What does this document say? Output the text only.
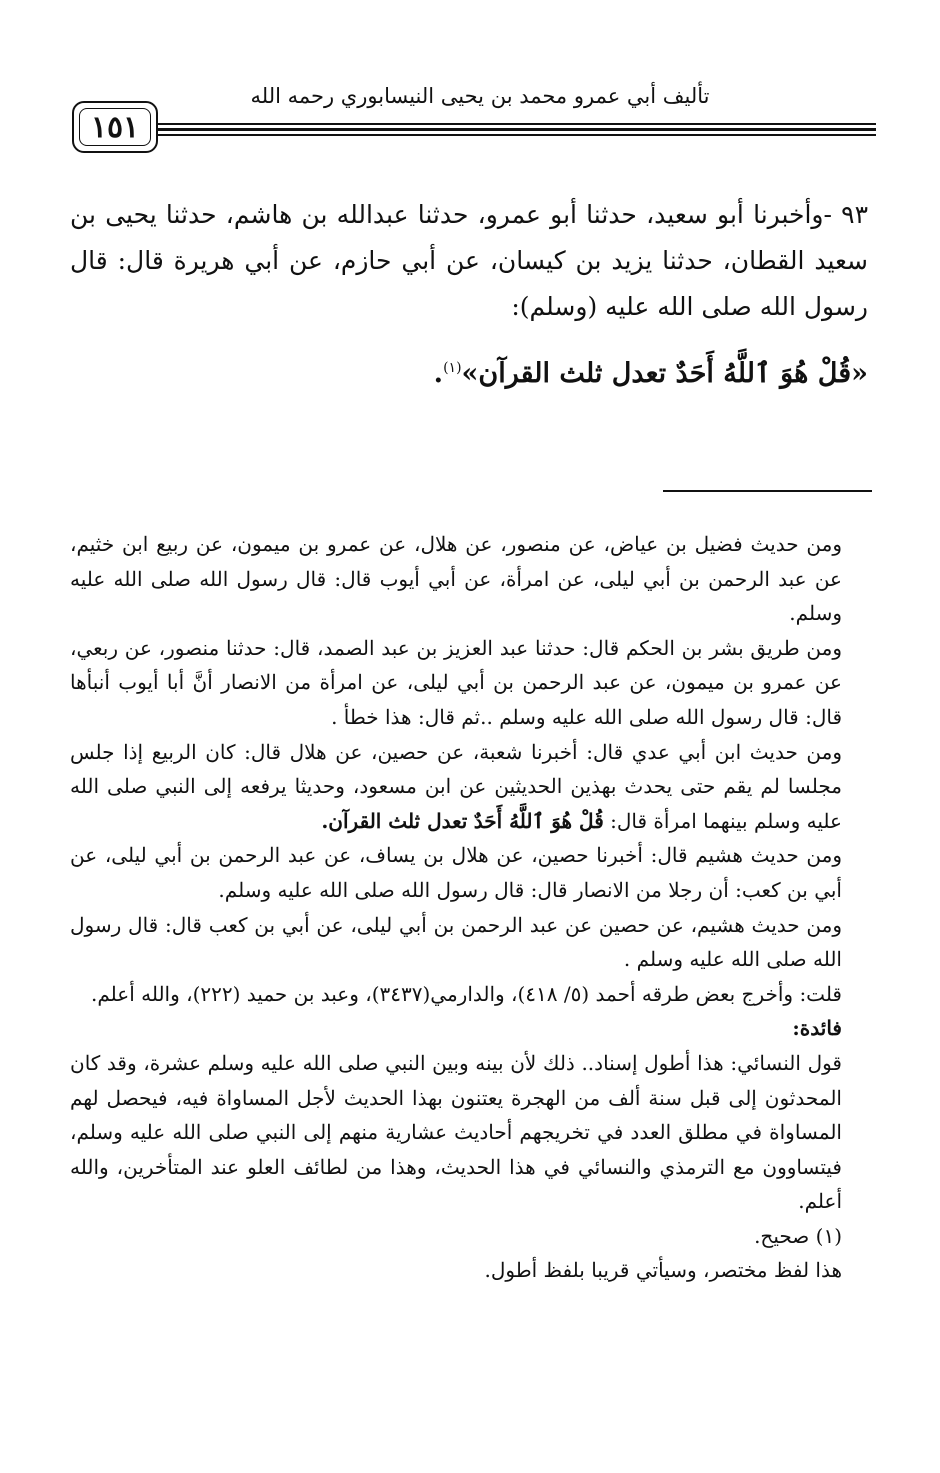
تأليف أبي عمرو محمد بن يحيى النيسابوري رحمه الله
١٥١

٩٣ -وأخبرنا أبو سعيد، حدثنا أبو عمرو، حدثنا عبدالله بن هاشم، حدثنا يحيى بن سعيد القطان، حدثنا يزيد بن كيسان، عن أبي حازم، عن أبي هريرة قال: قال رسول الله صلى الله عليه (وسلم):

«قُلْ هُوَ ٱللَّهُ أَحَدٌ تعدل ثلث القرآن»$^{(١)}$.

ومن حديث فضيل بن عياض، عن منصور، عن هلال، عن عمرو بن ميمون، عن ربيع ابن خثيم، عن عبد الرحمن بن أبي ليلى، عن امرأة، عن أبي أيوب قال: قال رسول الله صلى الله عليه وسلم.

ومن طريق بشر بن الحكم قال: حدثنا عبد العزيز بن عبد الصمد، قال: حدثنا منصور، عن ربعي، عن عمرو بن ميمون، عن عبد الرحمن بن أبي ليلى، عن امرأة من الانصار أنَّ أبا أيوب أنبأها قال: قال رسول الله صلى الله عليه وسلم ..ثم قال: هذا خطأ .

ومن حديث ابن أبي عدي قال: أخبرنا شعبة، عن حصين، عن هلال قال: كان الربيع إذا جلس مجلسا لم يقم حتى يحدث بهذين الحديثين عن ابن مسعود، وحديثا يرفعه إلى النبي صلى الله عليه وسلم بينهما امرأة قال: قُلْ هُوَ ٱللَّهُ أَحَدٌ تعدل ثلث القرآن.

ومن حديث هشيم قال: أخبرنا حصين، عن هلال بن يساف، عن عبد الرحمن بن أبي ليلى، عن أبي بن كعب: أن رجلا من الانصار قال: قال رسول الله صلى الله عليه وسلم.

ومن حديث هشيم، عن حصين عن عبد الرحمن بن أبي ليلى، عن أبي بن كعب قال: قال رسول الله صلى الله عليه وسلم .

قلت: وأخرج بعض طرقه أحمد (٥/ ٤١٨)، والدارمي(٣٤٣٧)، وعبد بن حميد (٢٢٢)، والله أعلم.

فائدة:

قول النسائي: هذا أطول إسناد.. ذلك لأن بينه وبين النبي صلى الله عليه وسلم عشرة، وقد كان المحدثون إلى قبل سنة ألف من الهجرة يعتنون بهذا الحديث لأجل المساواة فيه، فيحصل لهم المساواة في مطلق العدد في تخريجهم أحاديث عشارية منهم إلى النبي صلى الله عليه وسلم، فيتساوون مع الترمذي والنسائي في هذا الحديث، وهذا من لطائف العلو عند المتأخرين، والله أعلم.

(١) صحيح.

هذا لفظ مختصر، وسيأتي قريبا بلفظ أطول.
